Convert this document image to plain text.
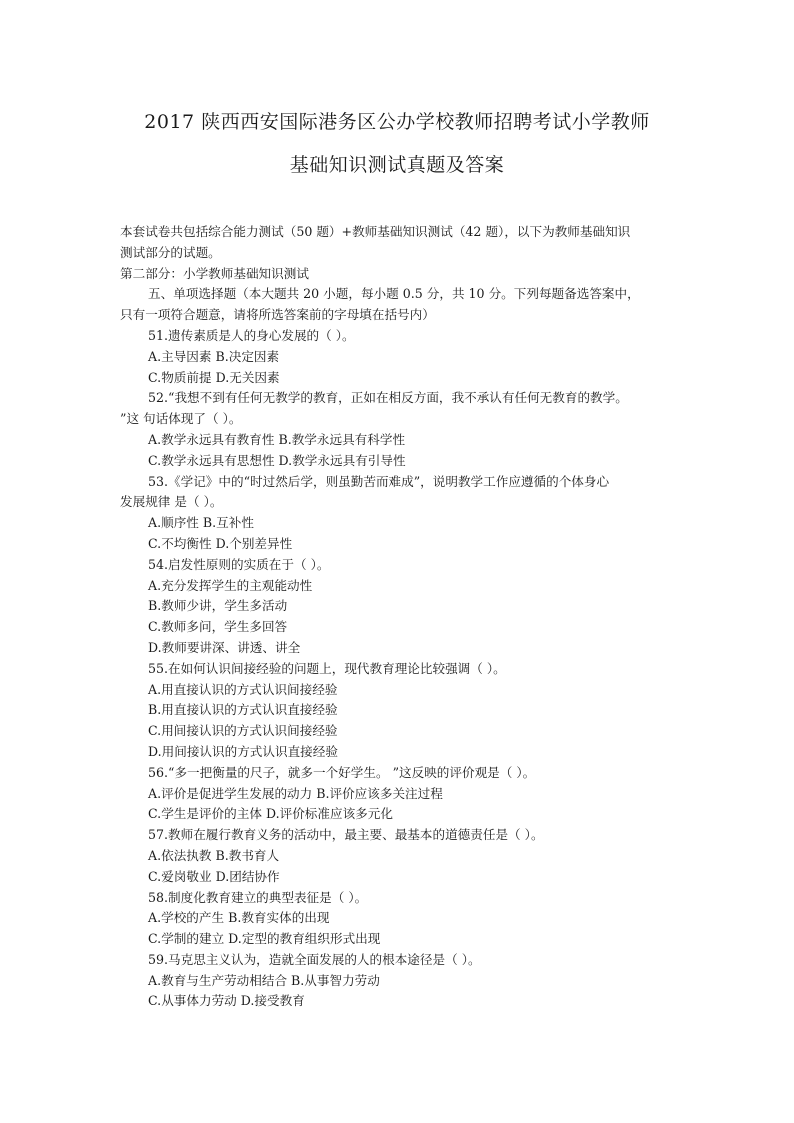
2017 陕西西安国际港务区公办学校教师招聘考试小学教师
基础知识测试真题及答案
本套试卷共包括综合能力测试（50 题）+教师基础知识测试（42 题），以下为教师基础知识
测试部分的试题。
第二部分：小学教师基础知识测试
五、单项选择题（本大题共 20 小题，每小题 0.5 分，共 10 分。下列每题备选答案中，
只有一项符合题意，请将所选答案前的字母填在括号内）
51.遗传素质是人的身心发展的（ ）。
A.主导因素 B.决定因素
C.物质前提 D.无关因素
52.“我想不到有任何无教学的教育，正如在相反方面，我不承认有任何无教育的教学。
”这 句话体现了（ ）。
A.教学永远具有教育性 B.教学永远具有科学性
C.教学永远具有思想性 D.教学永远具有引导性
53.《学记》中的“时过然后学，则虽勤苦而难成”，说明教学工作应遵循的个体身心
发展规律 是（ ）。
A.顺序性 B.互补性
C.不均衡性 D.个别差异性
54.启发性原则的实质在于（ ）。
A.充分发挥学生的主观能动性
B.教师少讲，学生多活动
C.教师多问，学生多回答
D.教师要讲深、讲透、讲全
55.在如何认识间接经验的问题上，现代教育理论比较强调（ ）。
A.用直接认识的方式认识间接经验
B.用直接认识的方式认识直接经验
C.用间接认识的方式认识间接经验
D.用间接认识的方式认识直接经验
56.“多一把衡量的尺子，就多一个好学生。 ”这反映的评价观是（ ）。
A.评价是促进学生发展的动力 B.评价应该多关注过程
C.学生是评价的主体 D.评价标准应该多元化
57.教师在履行教育义务的活动中，最主要、最基本的道德责任是（ ）。
A.依法执教 B.教书育人
C.爱岗敬业 D.团结协作
58.制度化教育建立的典型表征是（ ）。
A.学校的产生 B.教育实体的出现
C.学制的建立 D.定型的教育组织形式出现
59.马克思主义认为，造就全面发展的人的根本途径是（ ）。
A.教育与生产劳动相结合 B.从事智力劳动
C.从事体力劳动 D.接受教育
